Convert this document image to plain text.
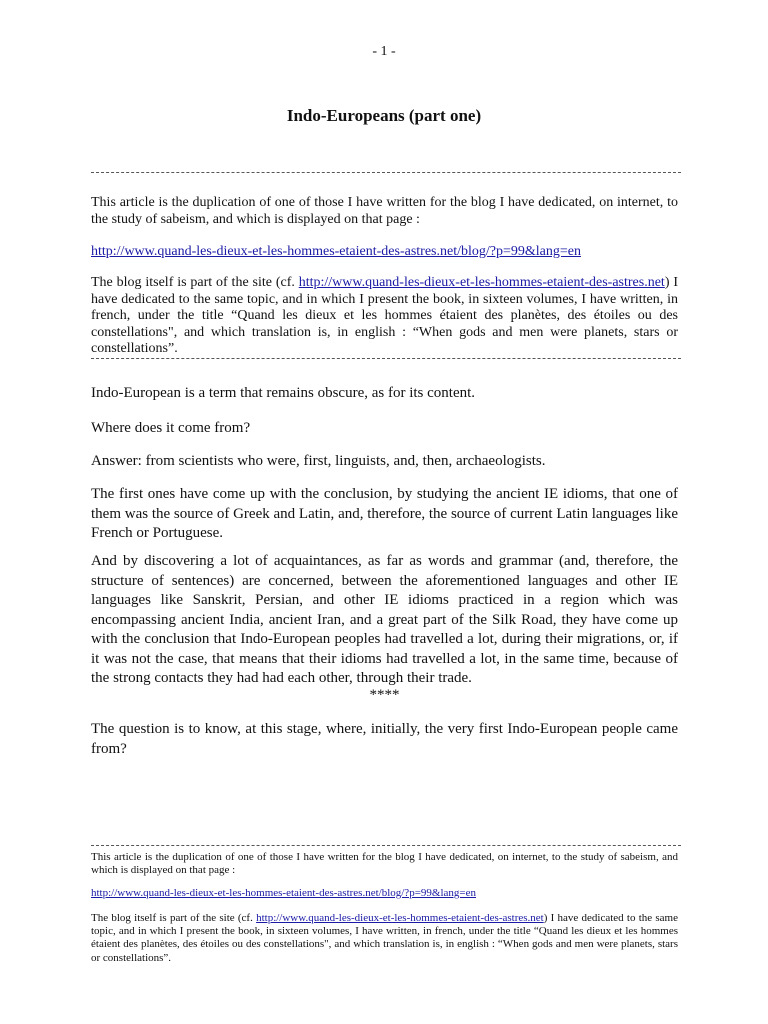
- 1 -
Indo-Europeans (part one)
This article is the duplication of one of those I have written for the blog I have dedicated, on internet, to the study of sabeism, and which is displayed on that page :
http://www.quand-les-dieux-et-les-hommes-etaient-des-astres.net/blog/?p=99&lang=en
The blog itself is part of the site (cf. http://www.quand-les-dieux-et-les-hommes-etaient-des-astres.net) I have dedicated to the same topic, and in which I present the book, in sixteen volumes, I have written, in french, under the title “Quand les dieux et les hommes étaient des planètes, des étoiles ou des constellations", and which translation is, in english : “When gods and men were planets, stars or constellations”.
Indo-European is a term that remains obscure, as for its content.
Where does it come from?
Answer: from scientists who were, first, linguists, and, then, archaeologists.
The first ones have come up with the conclusion, by studying the ancient IE idioms, that one of them was the source of Greek and Latin, and, therefore, the source of current Latin languages like French or Portuguese.
And by discovering a lot of acquaintances, as far as words and grammar (and, therefore, the structure of sentences) are concerned, between the aforementioned languages and other IE languages like Sanskrit, Persian, and other IE idioms practiced in a region which was encompassing ancient India, ancient Iran, and a great part of the Silk Road, they have come up with the conclusion that Indo-European peoples had travelled a lot, during their migrations, or, if it was not the case, that means that their idioms had travelled a lot, in the same time, because of the strong contacts they had had each other, through their trade.
****
The question is to know, at this stage, where, initially, the very first Indo-European people came from?
This article is the duplication of one of those I have written for the blog I have dedicated, on internet, to the study of sabeism, and which is displayed on that page :
http://www.quand-les-dieux-et-les-hommes-etaient-des-astres.net/blog/?p=99&lang=en
The blog itself is part of the site (cf. http://www.quand-les-dieux-et-les-hommes-etaient-des-astres.net) I have dedicated to the same topic, and in which I present the book, in sixteen volumes, I have written, in french, under the title “Quand les dieux et les hommes étaient des planètes, des étoiles ou des constellations", and which translation is, in english : “When gods and men were planets, stars or constellations”.
